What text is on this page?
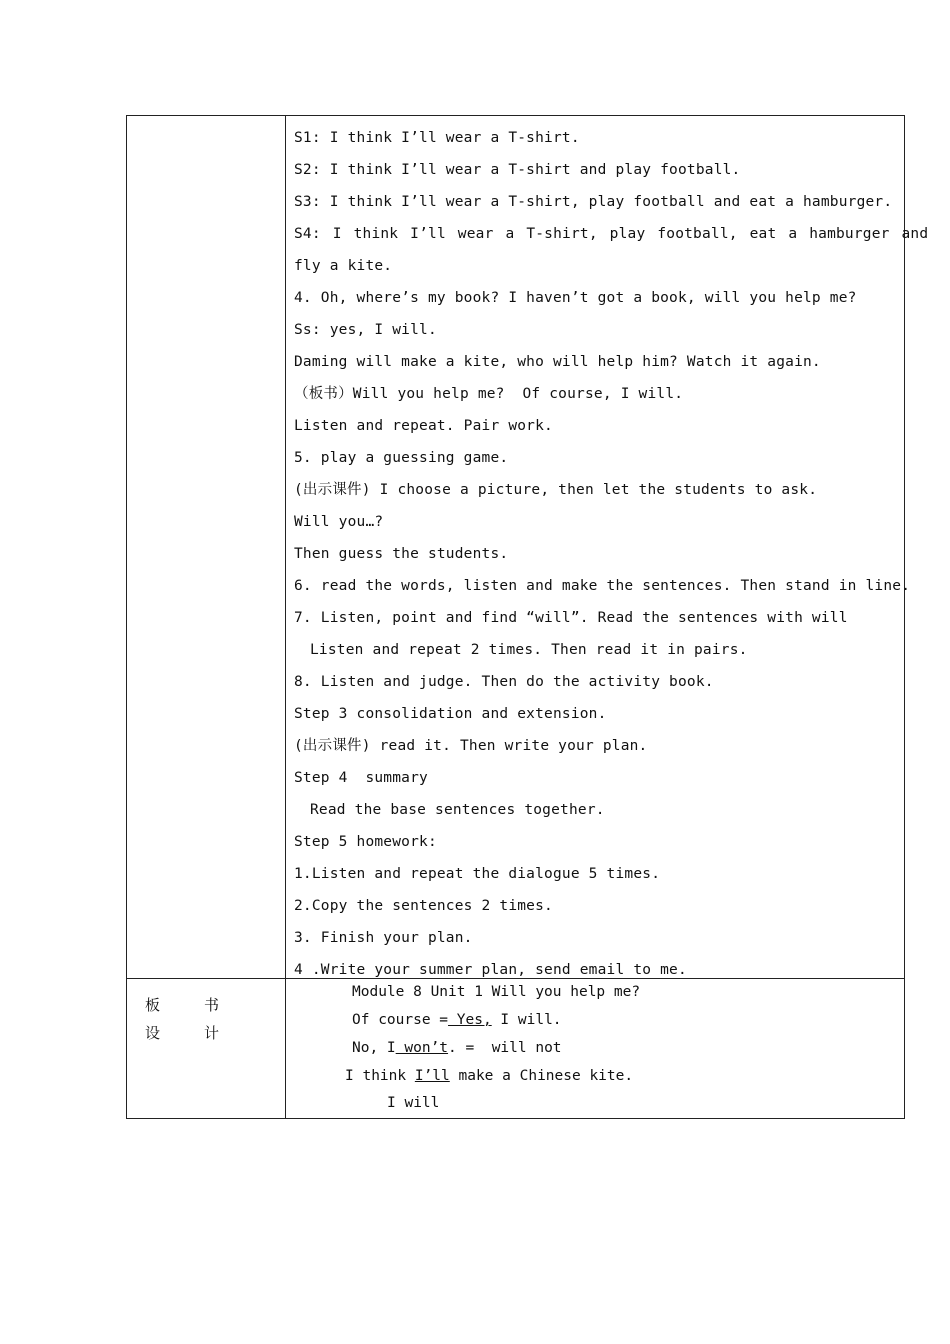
S1: I think I’ll wear a T-shirt.
S2: I think I’ll wear a T-shirt and play football.
S3: I think I’ll wear a T-shirt, play football and eat a hamburger.
S4: I think I’ll wear a T-shirt, play football, eat a hamburger and
fly a kite.
4. Oh, where’s my book? I haven’t got a book, will you help me?
Ss: yes, I will.
Daming will make a kite, who will help him? Watch it again.
（板书）Will you help me?  Of course, I will.
Listen and repeat. Pair work.
5. play a guessing game.
(出示课件) I choose a picture, then let the students to ask.
Will you…?
Then guess the students.
6. read the words, listen and make the sentences. Then stand in line.
7. Listen, point and find “will”. Read the sentences with will
Listen and repeat 2 times. Then read it in pairs.
8. Listen and judge. Then do the activity book.
Step 3 consolidation and extension.
(出示课件) read it. Then write your plan.
Step 4  summary
Read the base sentences together.
Step 5 homework:
1.Listen and repeat the dialogue 5 times.
2.Copy the sentences 2 times.
3. Finish your plan.
4 .Write your summer plan, send email to me.
板	书
设	计
Module 8 Unit 1 Will you help me?
Of course = Yes, I will.
No, I won’t. =  will not
I think I’ll make a Chinese kite.
I will
